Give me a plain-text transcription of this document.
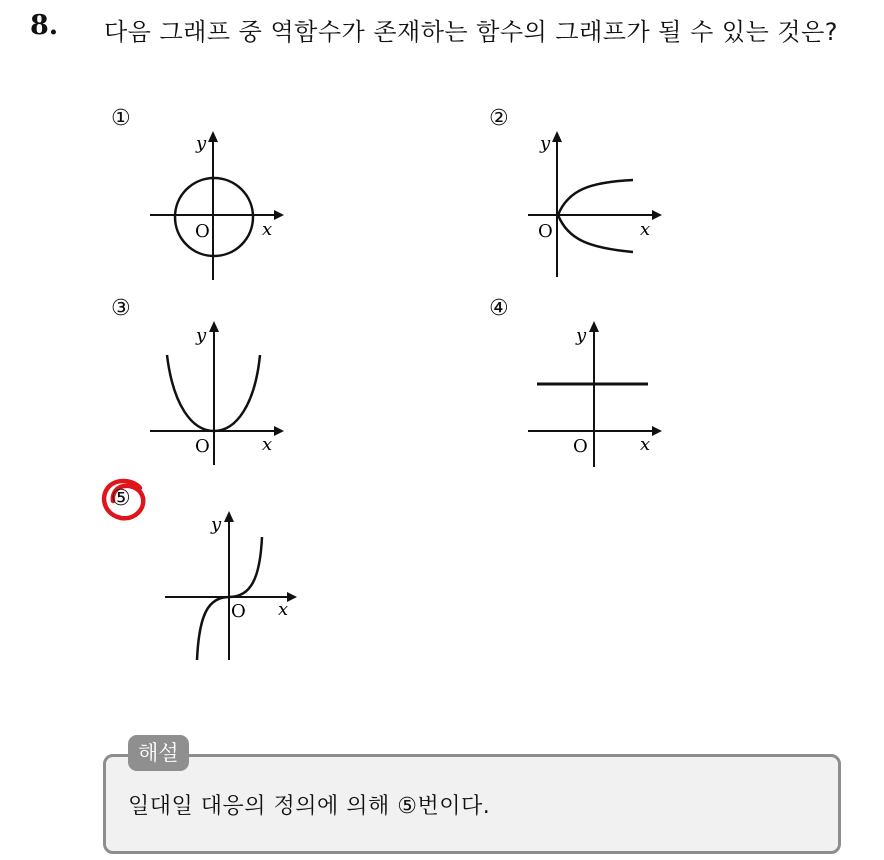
8. 다음 그래프 중 역함수가 존재하는 함수의 그래프가 될 수 있는 것은?
①
y
x
O
②
y
x
O
③
y
x
O
④
y
x
O
⑤
y
x
O
해설
일대일 대응의 정의에 의해 ⑤번이다.
